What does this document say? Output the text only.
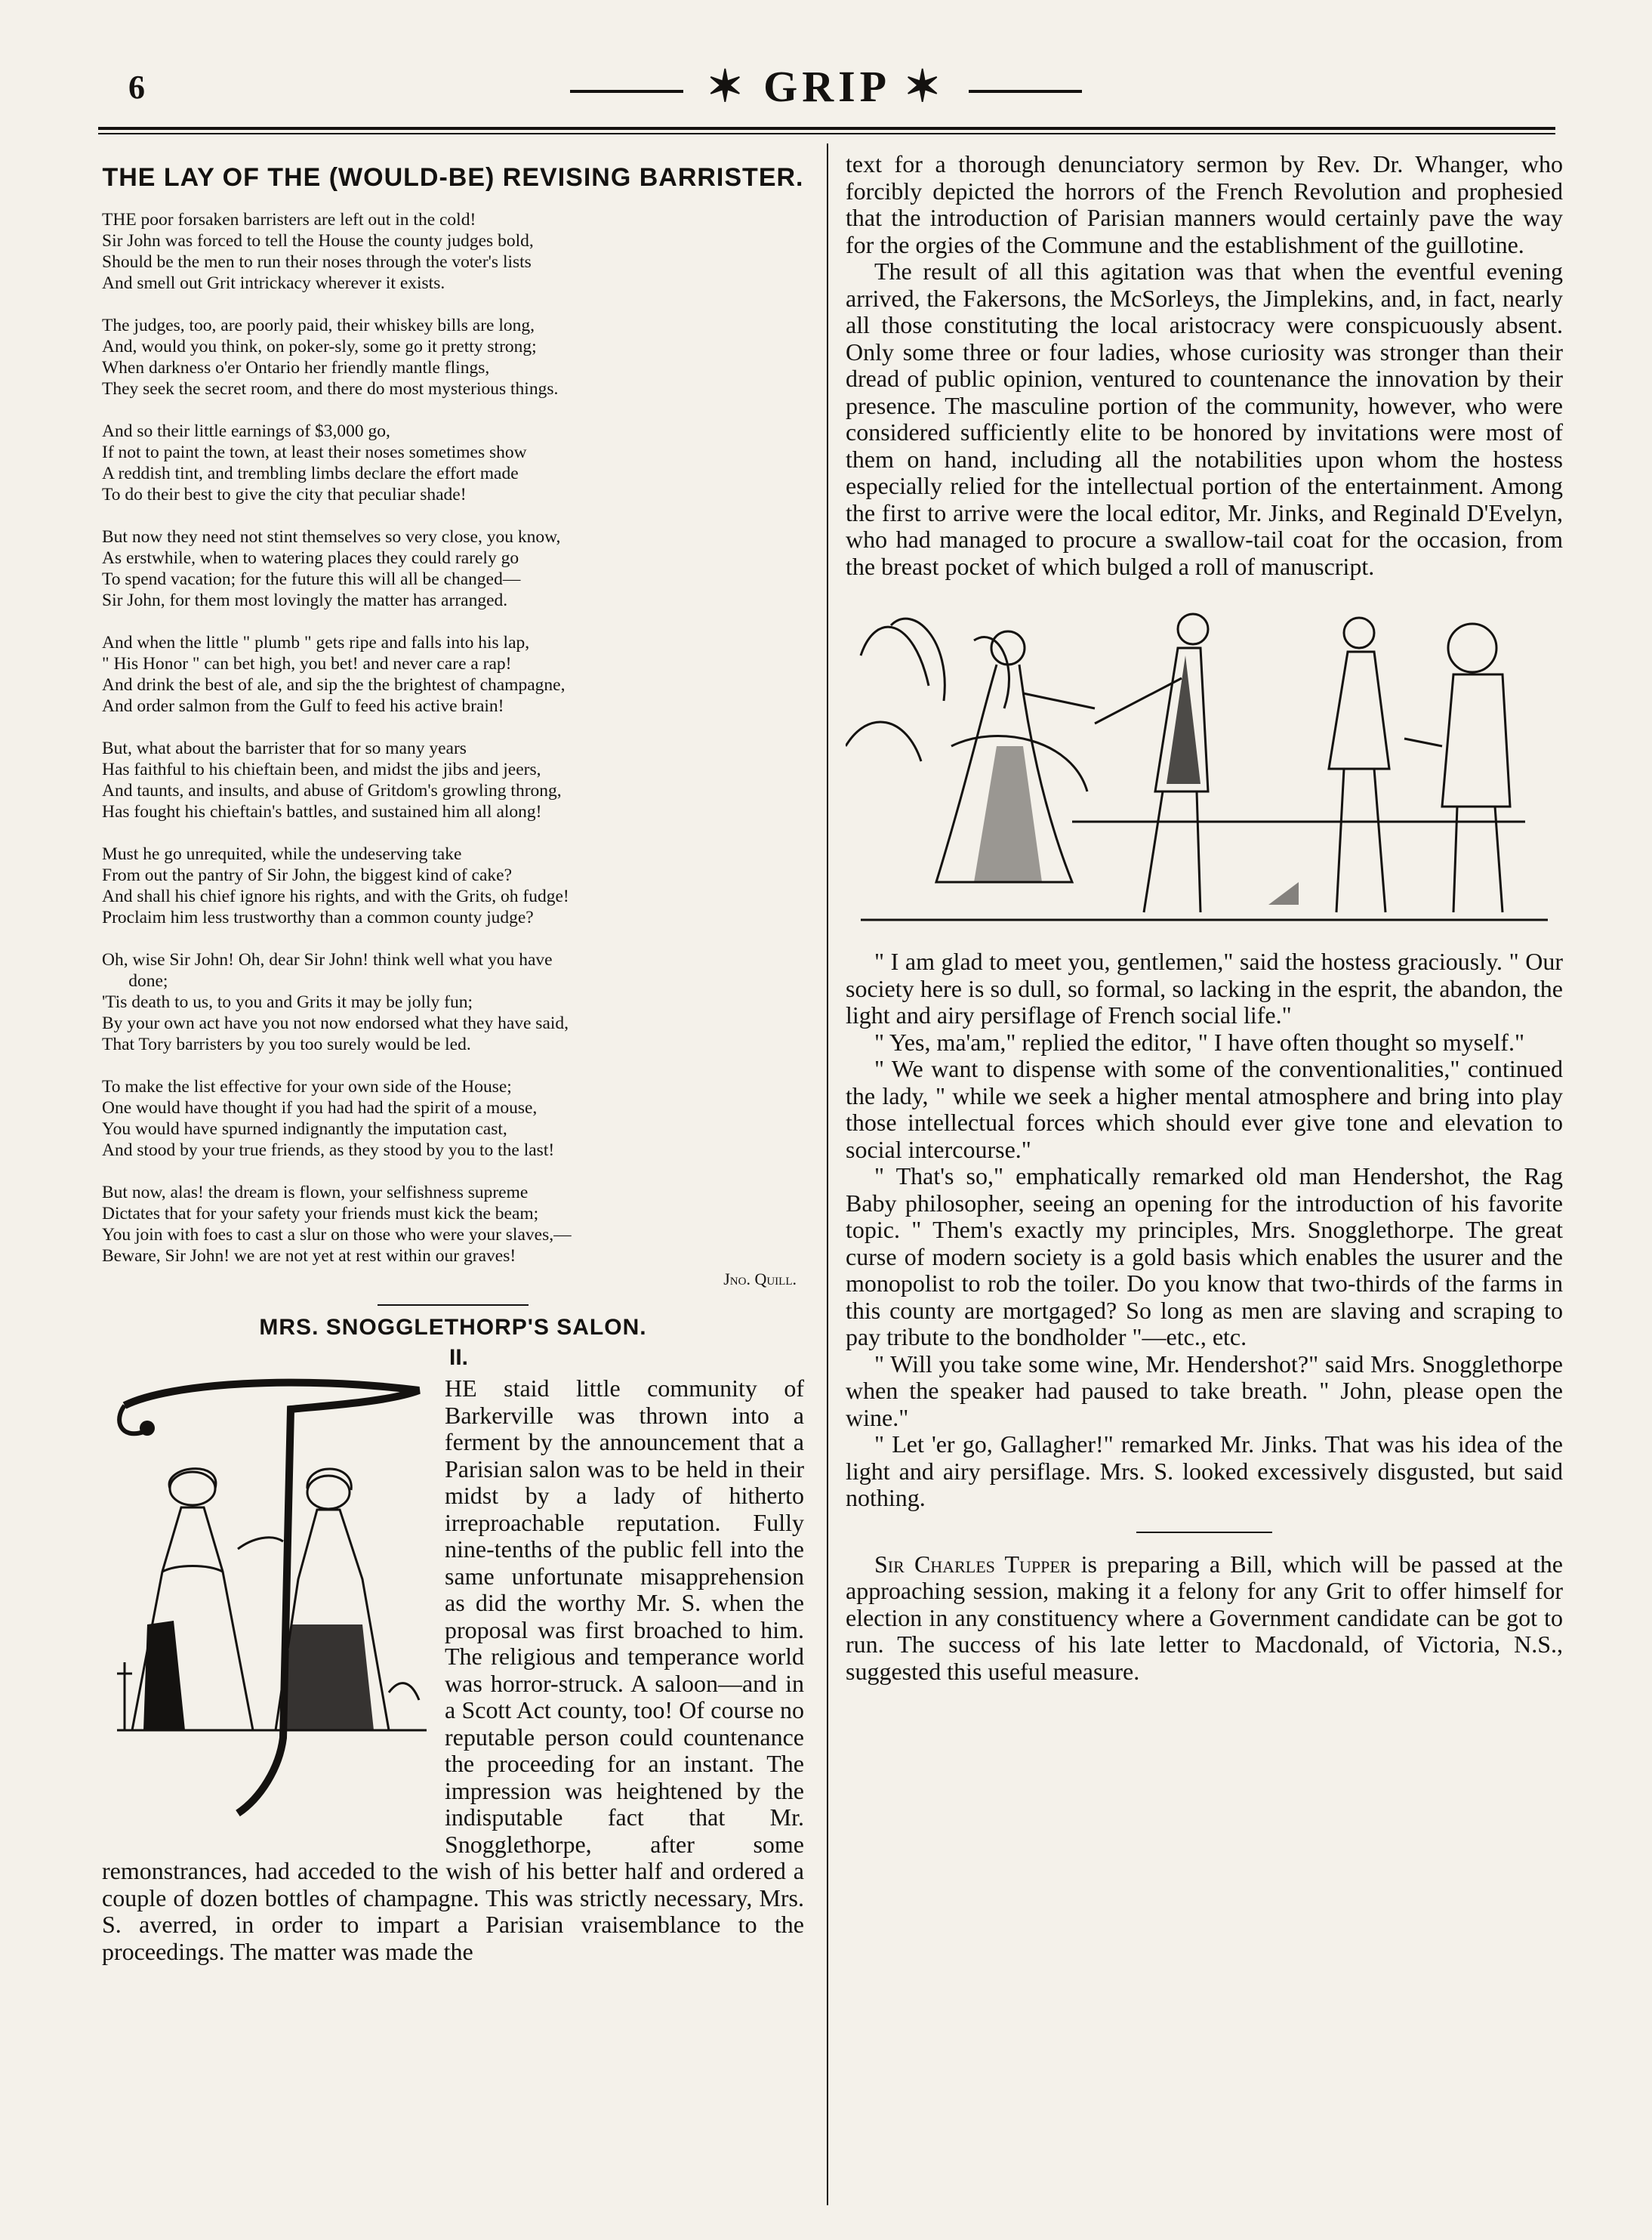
6	✶ GRIP ✶
THE LAY OF THE (WOULD-BE) REVISING BARRISTER.
THE poor forsaken barristers are left out in the cold!
Sir John was forced to tell the House the county judges bold,
Should be the men to run their noses through the voter's lists
And smell out Grit intrickacy wherever it exists.
The judges, too, are poorly paid, their whiskey bills are long,
And, would you think, on poker-sly, some go it pretty strong;
When darkness o'er Ontario her friendly mantle flings,
They seek the secret room, and there do most mysterious things.
And so their little earnings of $3,000 go,
If not to paint the town, at least their noses sometimes show
A reddish tint, and trembling limbs declare the effort made
To do their best to give the city that peculiar shade!
But now they need not stint themselves so very close, you know,
As erstwhile, when to watering places they could rarely go
To spend vacation; for the future this will all be changed—
Sir John, for them most lovingly the matter has arranged.
And when the little " plumb " gets ripe and falls into his lap,
" His Honor " can bet high, you bet! and never care a rap!
And drink the best of ale, and sip the the brightest of champagne,
And order salmon from the Gulf to feed his active brain!
But, what about the barrister that for so many years
Has faithful to his chieftain been, and midst the jibs and jeers,
And taunts, and insults, and abuse of Gritdom's growling throng,
Has fought his chieftain's battles, and sustained him all along!
Must he go unrequited, while the undeserving take
From out the pantry of Sir John, the biggest kind of cake?
And shall his chief ignore his rights, and with the Grits, oh fudge!
Proclaim him less trustworthy than a common county judge?
Oh, wise Sir John! Oh, dear Sir John! think well what you have
done;
'Tis death to us, to you and Grits it may be jolly fun;
By your own act have you not now endorsed what they have said,
That Tory barristers by you too surely would be led.
To make the list effective for your own side of the House;
One would have thought if you had had the spirit of a mouse,
You would have spurned indignantly the imputation cast,
And stood by your true friends, as they stood by you to the last!
But now, alas! the dream is flown, your selfishness supreme
Dictates that for your safety your friends must kick the beam;
You join with foes to cast a slur on those who were your slaves,—
Beware, Sir John! we are not yet at rest within our graves!
Jno. Quill.
MRS. SNOGGLETHORP'S SALON.
II.

HE staid little community of Barkerville was thrown into a ferment by the announcement that a Parisian salon was to be held in their midst by a lady of hitherto irreproachable reputation. Fully nine-tenths of the public fell into the same unfortunate misapprehension as did the worthy Mr. S. when the proposal was first broached to him. The religious and temperance world was horror-struck. A saloon—and in a Scott Act county, too! Of course no reputable person could countenance the proceeding for an instant. The impression was heightened by the indisputable fact that Mr. Snogglethorpe, after some remonstrances, had acceded to the wish of his better half and ordered a couple of dozen bottles of champagne. This was strictly necessary, Mrs. S. averred, in order to impart a Parisian vraisemblance to the proceedings. The matter was made the

text for a thorough denunciatory sermon by Rev. Dr. Whanger, who forcibly depicted the horrors of the French Revolution and prophesied that the introduction of Parisian manners would certainly pave the way for the orgies of the Commune and the establishment of the guillotine.

The result of all this agitation was that when the eventful evening arrived, the Fakersons, the McSorleys, the Jimplekins, and, in fact, nearly all those constituting the local aristocracy were conspicuously absent. Only some three or four ladies, whose curiosity was stronger than their dread of public opinion, ventured to countenance the innovation by their presence. The masculine portion of the community, however, who were considered sufficiently elite to be honored by invitations were most of them on hand, including all the notabilities upon whom the hostess especially relied for the intellectual portion of the entertainment. Among the first to arrive were the local editor, Mr. Jinks, and Reginald D'Evelyn, who had managed to procure a swallow-tail coat for the occasion, from the breast pocket of which bulged a roll of manuscript.

" I am glad to meet you, gentlemen," said the hostess graciously. " Our society here is so dull, so formal, so lacking in the esprit, the abandon, the light and airy persiflage of French social life."

" Yes, ma'am," replied the editor, " I have often thought so myself."

" We want to dispense with some of the conventionalities," continued the lady, " while we seek a higher mental atmosphere and bring into play those intellectual forces which should ever give tone and elevation to social intercourse."

" That's so," emphatically remarked old man Hendershot, the Rag Baby philosopher, seeing an opening for the introduction of his favorite topic. " Them's exactly my principles, Mrs. Snogglethorpe. The great curse of modern society is a gold basis which enables the usurer and the monopolist to rob the toiler. Do you know that two-thirds of the farms in this county are mortgaged? So long as men are slaving and scraping to pay tribute to the bondholder "—etc., etc.

" Will you take some wine, Mr. Hendershot?" said Mrs. Snogglethorpe when the speaker had paused to take breath. " John, please open the wine."

" Let 'er go, Gallagher!" remarked Mr. Jinks. That was his idea of the light and airy persiflage. Mrs. S. looked excessively disgusted, but said nothing.

Sir Charles Tupper is preparing a Bill, which will be passed at the approaching session, making it a felony for any Grit to offer himself for election in any constituency where a Government candidate can be got to run. The success of his late letter to Macdonald, of Victoria, N.S., suggested this useful measure.
